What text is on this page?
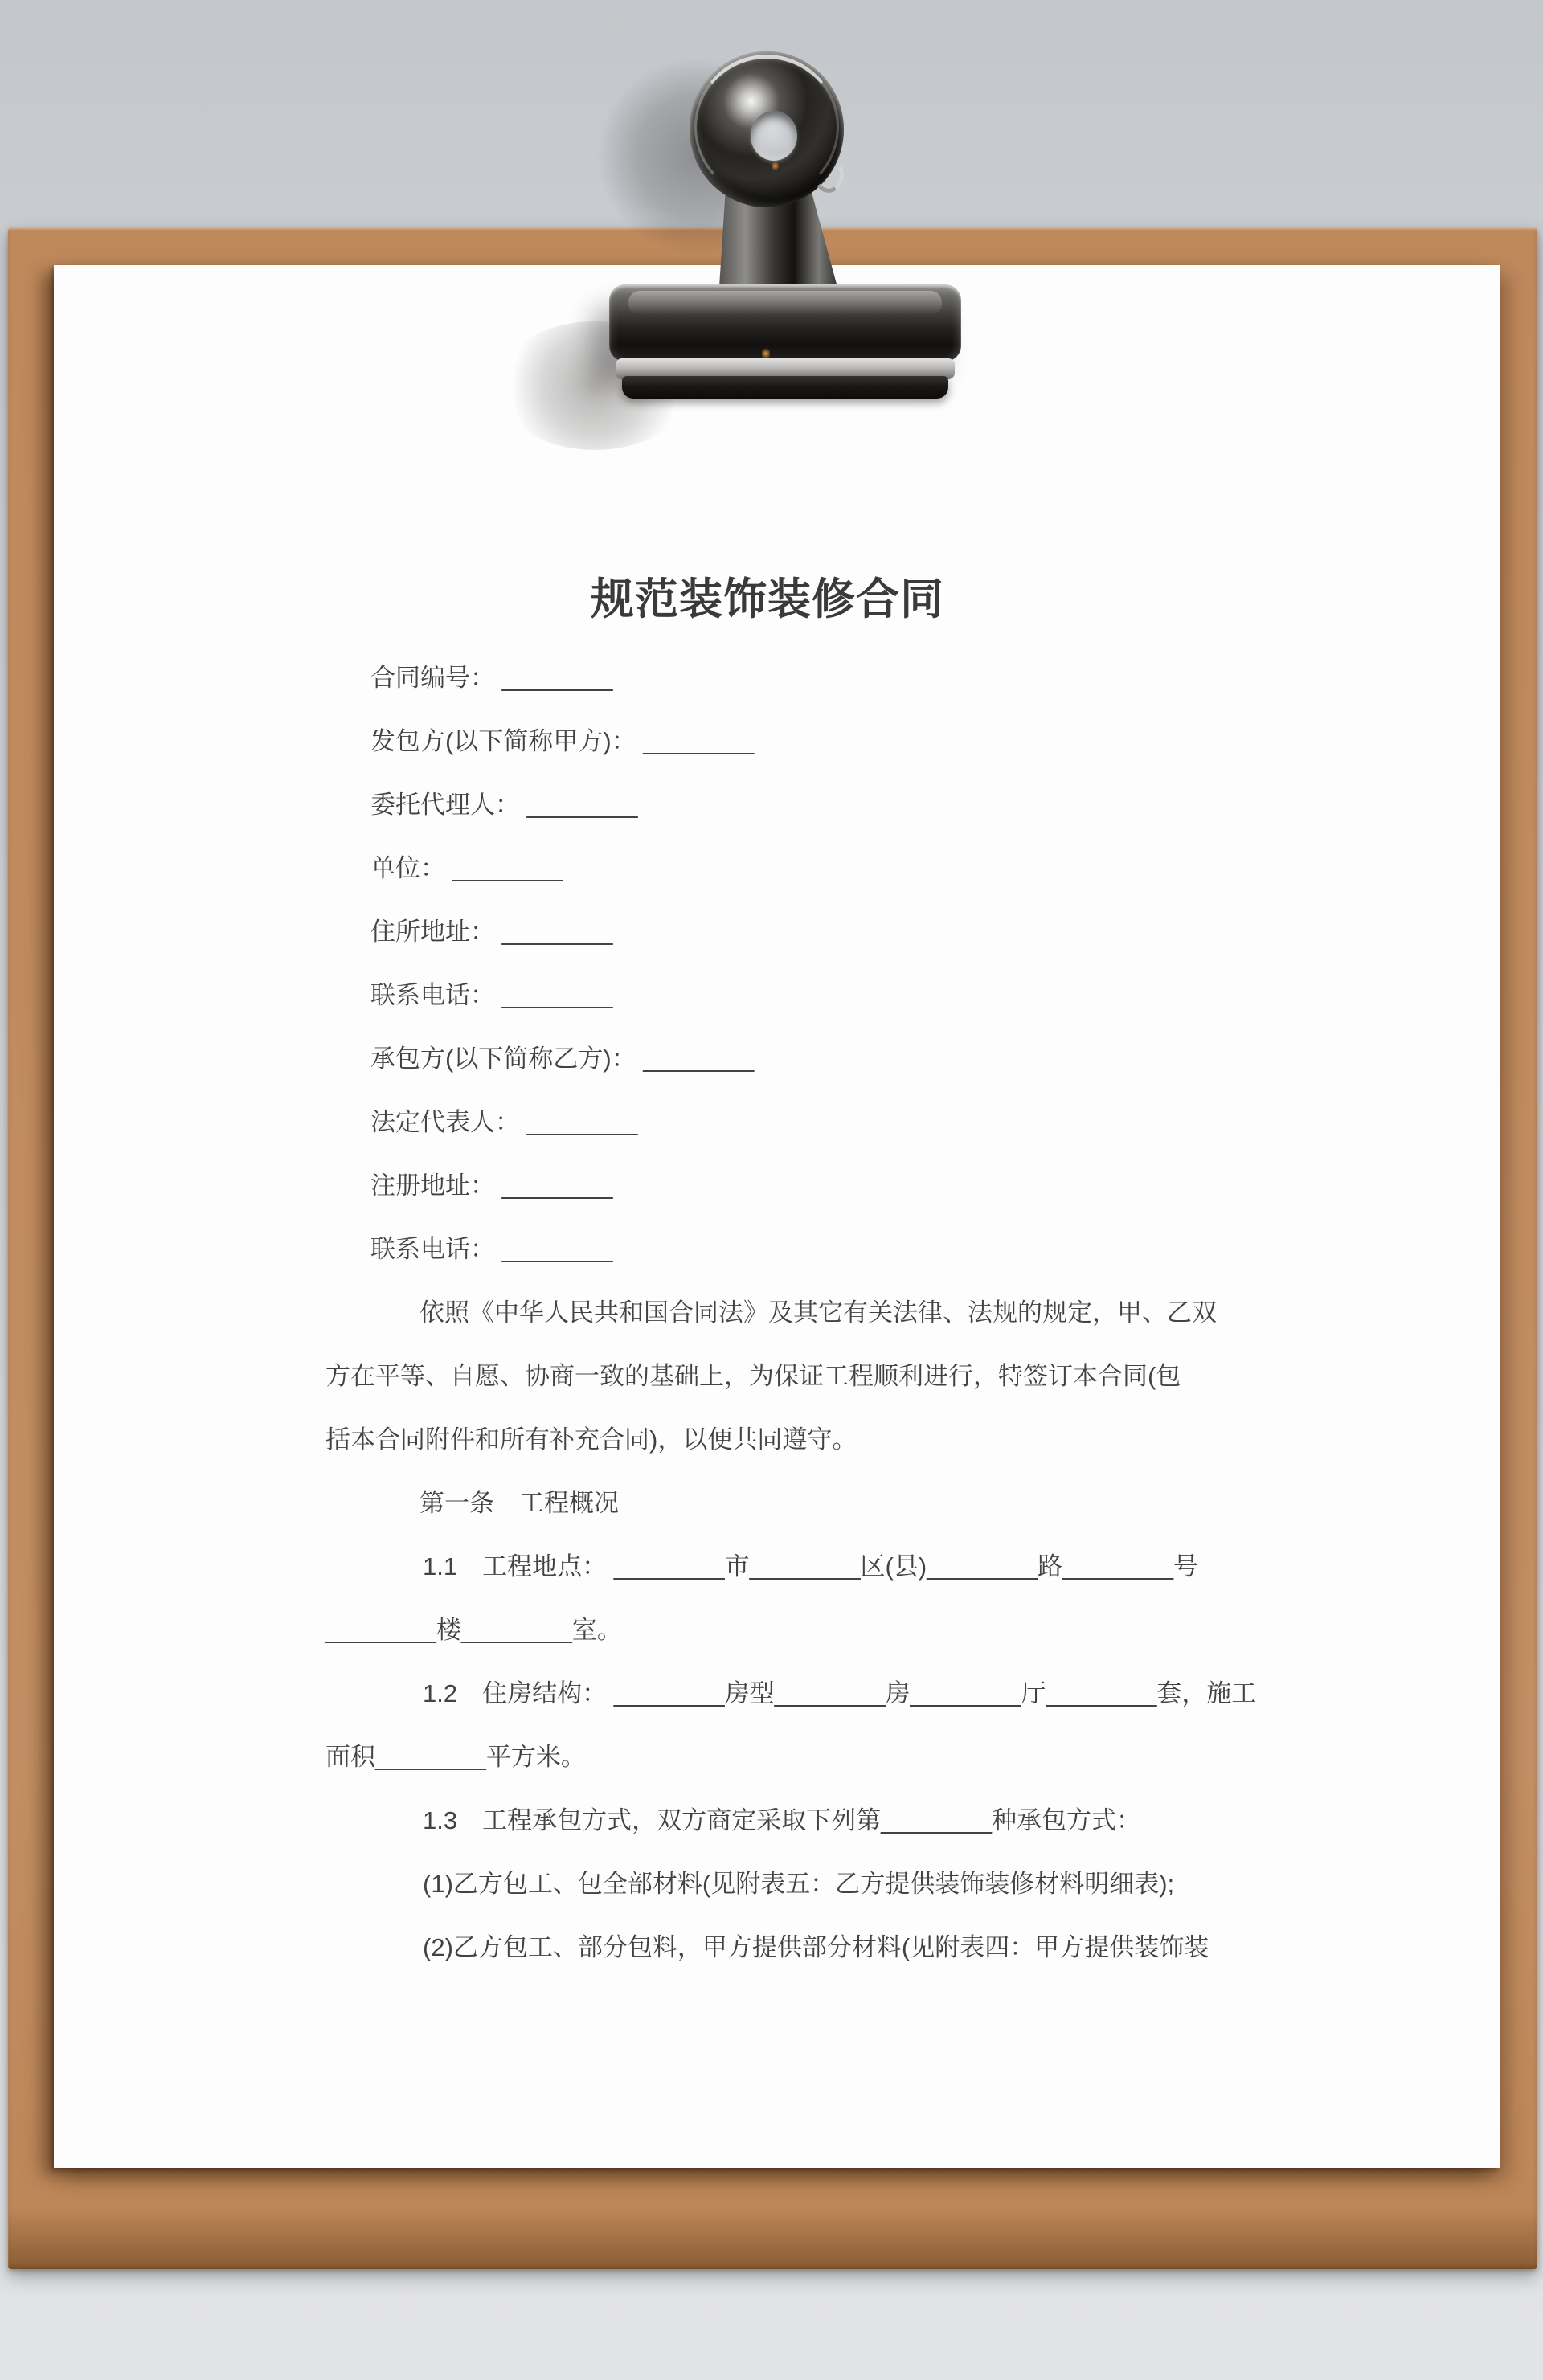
规范装饰装修合同
合同编号： ________
发包方(以下简称甲方)： ________
委托代理人： ________
单位： ________
住所地址： ________
联系电话： ________
承包方(以下简称乙方)： ________
法定代表人： ________
注册地址： ________
联系电话： ________
依照《中华人民共和国合同法》及其它有关法律、法规的规定，甲、乙双
方在平等、自愿、协商一致的基础上，为保证工程顺利进行，特签订本合同(包
括本合同附件和所有补充合同)，以便共同遵守。
第一条　工程概况
1.1　工程地点： ________市________区(县)________路________号
________楼________室。
1.2　住房结构： ________房型________房________厅________套，施工
面积________平方米。
1.3　工程承包方式，双方商定采取下列第________种承包方式：
(1)乙方包工、包全部材料(见附表五：乙方提供装饰装修材料明细表);
(2)乙方包工、部分包料，甲方提供部分材料(见附表四：甲方提供装饰装
